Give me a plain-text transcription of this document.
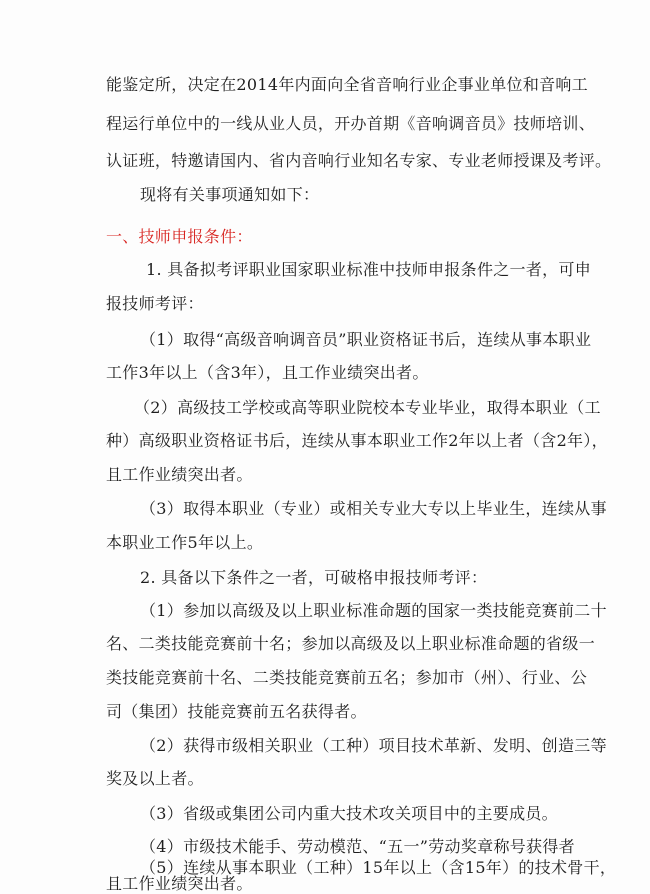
能鉴定所，决定在2014年内面向全省音响行业企事业单位和音响工
程运行单位中的一线从业人员，开办首期《音响调音员》技师培训、
认证班，特邀请国内、省内音响行业知名专家、专业老师授课及考评。
现将有关事项通知如下：
一、技师申报条件：
1. 具备拟考评职业国家职业标准中技师申报条件之一者，可申
报技师考评：
（1）取得“高级音响调音员”职业资格证书后，连续从事本职业
工作3年以上（含3年），且工作业绩突出者。
（2）高级技工学校或高等职业院校本专业毕业，取得本职业（工
种）高级职业资格证书后，连续从事本职业工作2年以上者（含2年），
且工作业绩突出者。
（3）取得本职业（专业）或相关专业大专以上毕业生，连续从事
本职业工作5年以上。
2. 具备以下条件之一者，可破格申报技师考评：
（1）参加以高级及以上职业标准命题的国家一类技能竞赛前二十
名、二类技能竞赛前十名；参加以高级及以上职业标准命题的省级一
类技能竞赛前十名、二类技能竞赛前五名；参加市（州）、行业、公
司（集团）技能竞赛前五名获得者。
（2）获得市级相关职业（工种）项目技术革新、发明、创造三等
奖及以上者。
（3）省级或集团公司内重大技术攻关项目中的主要成员。
（4）市级技术能手、劳动模范、“五一”劳动奖章称号获得者
（5）连续从事本职业（工种）15年以上（含15年）的技术骨干，
且工作业绩突出者。
